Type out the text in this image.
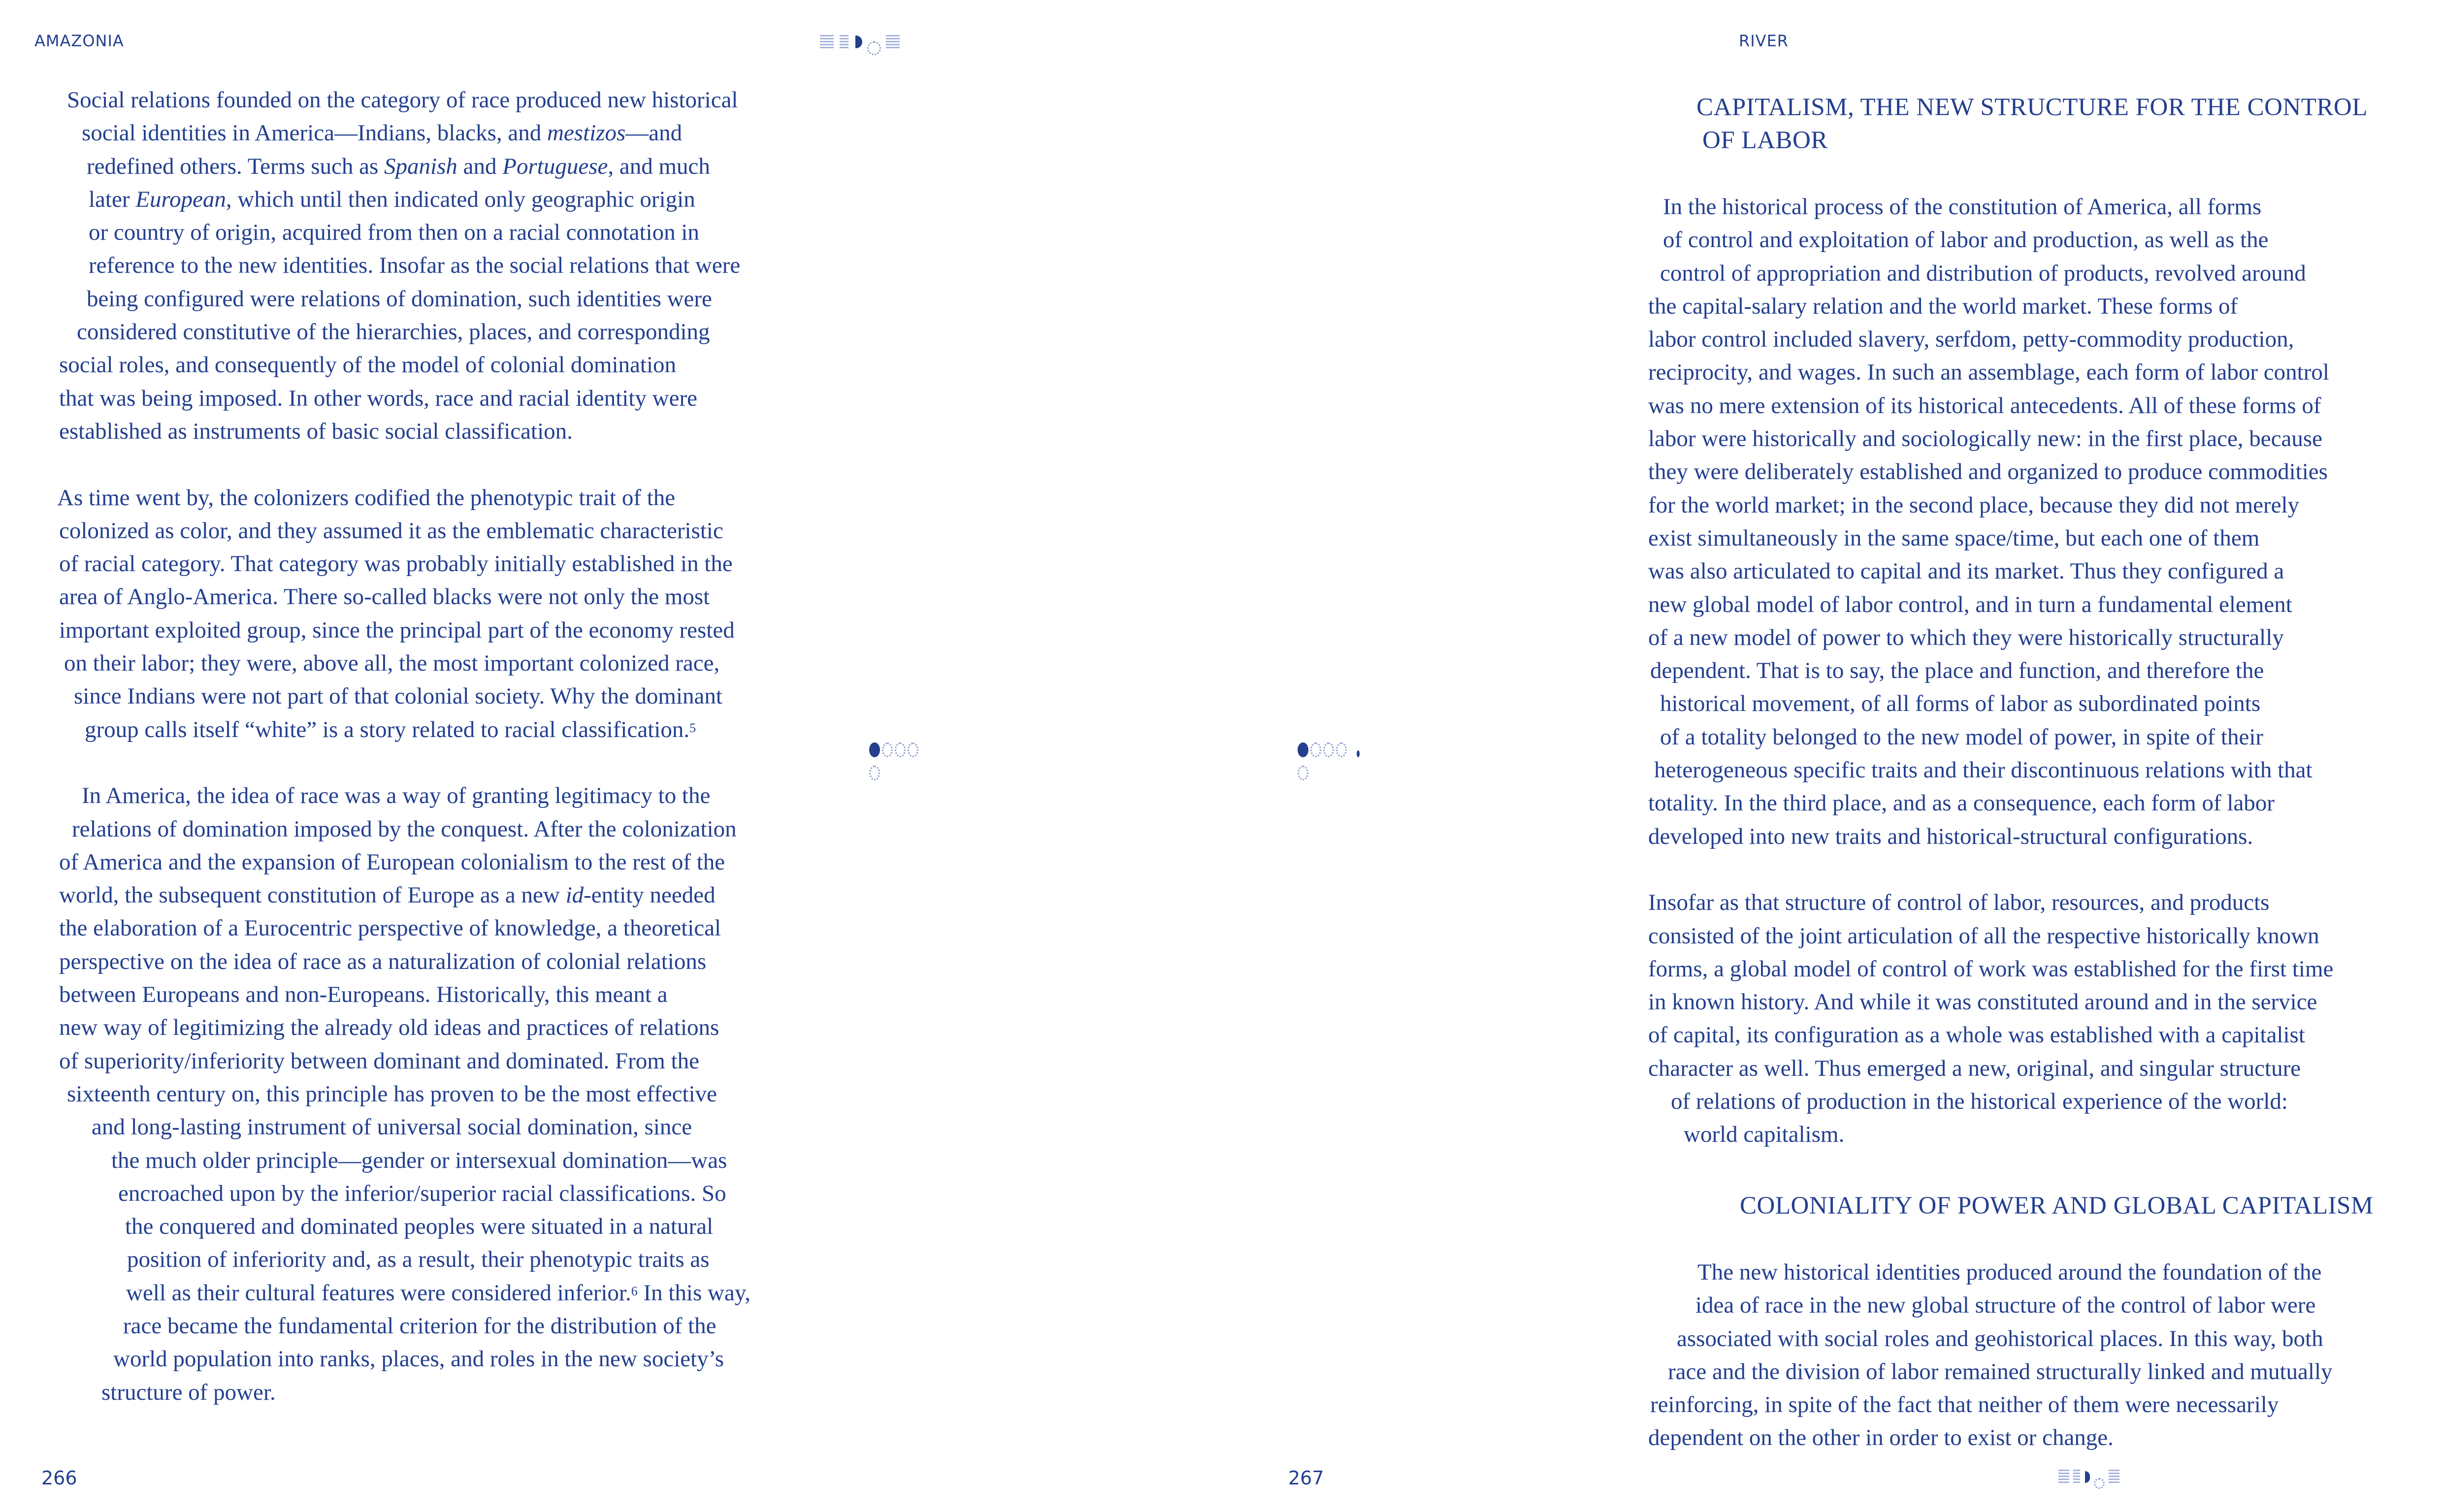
AMAZONIA
Social relations founded on the category of race produced new historical
social identities in America—Indians, blacks, and mestizos—and
redefined others. Terms such as Spanish and Portuguese, and much
later European, which until then indicated only geographic origin
or country of origin, acquired from then on a racial connotation in
reference to the new identities. Insofar as the social relations that were
being configured were relations of domination, such identities were
considered constitutive of the hierarchies, places, and corresponding
social roles, and consequently of the model of colonial domination
that was being imposed. In other words, race and racial identity were
established as instruments of basic social classification.
As time went by, the colonizers codified the phenotypic trait of the
colonized as color, and they assumed it as the emblematic characteristic
of racial category. That category was probably initially established in the
area of Anglo-America. There so-called blacks were not only the most
important exploited group, since the principal part of the economy rested
on their labor; they were, above all, the most important colonized race,
since Indians were not part of that colonial society. Why the dominant
group calls itself “white” is a story related to racial classification.$^5$
In America, the idea of race was a way of granting legitimacy to the
relations of domination imposed by the conquest. After the colonization
of America and the expansion of European colonialism to the rest of the
world, the subsequent constitution of Europe as a new id-entity needed
the elaboration of a Eurocentric perspective of knowledge, a theoretical
perspective on the idea of race as a naturalization of colonial relations
between Europeans and non-Europeans. Historically, this meant a
new way of legitimizing the already old ideas and practices of relations
of superiority/inferiority between dominant and dominated. From the
sixteenth century on, this principle has proven to be the most effective
and long-lasting instrument of universal social domination, since
the much older principle—gender or intersexual domination—was
encroached upon by the inferior/superior racial classifications. So
the conquered and dominated peoples were situated in a natural
position of inferiority and, as a result, their phenotypic traits as
well as their cultural features were considered inferior.$^6$ In this way,
race became the fundamental criterion for the distribution of the
world population into ranks, places, and roles in the new society’s
structure of power.
266
RIVER
CAPITALISM, THE NEW STRUCTURE FOR THE CONTROL
OF LABOR
In the historical process of the constitution of America, all forms
of control and exploitation of labor and production, as well as the
control of appropriation and distribution of products, revolved around
the capital-salary relation and the world market. These forms of
labor control included slavery, serfdom, petty-commodity production,
reciprocity, and wages. In such an assemblage, each form of labor control
was no mere extension of its historical antecedents. All of these forms of
labor were historically and sociologically new: in the first place, because
they were deliberately established and organized to produce commodities
for the world market; in the second place, because they did not merely
exist simultaneously in the same space/time, but each one of them
was also articulated to capital and its market. Thus they configured a
new global model of labor control, and in turn a fundamental element
of a new model of power to which they were historically structurally
dependent. That is to say, the place and function, and therefore the
historical movement, of all forms of labor as subordinated points
of a totality belonged to the new model of power, in spite of their
heterogeneous specific traits and their discontinuous relations with that
totality. In the third place, and as a consequence, each form of labor
developed into new traits and historical-structural configurations.
Insofar as that structure of control of labor, resources, and products
consisted of the joint articulation of all the respective historically known
forms, a global model of control of work was established for the first time
in known history. And while it was constituted around and in the service
of capital, its configuration as a whole was established with a capitalist
character as well. Thus emerged a new, original, and singular structure
of relations of production in the historical experience of the world:
world capitalism.
COLONIALITY OF POWER AND GLOBAL CAPITALISM
The new historical identities produced around the foundation of the
idea of race in the new global structure of the control of labor were
associated with social roles and geohistorical places. In this way, both
race and the division of labor remained structurally linked and mutually
reinforcing, in spite of the fact that neither of them were necessarily
dependent on the other in order to exist or change.
267
